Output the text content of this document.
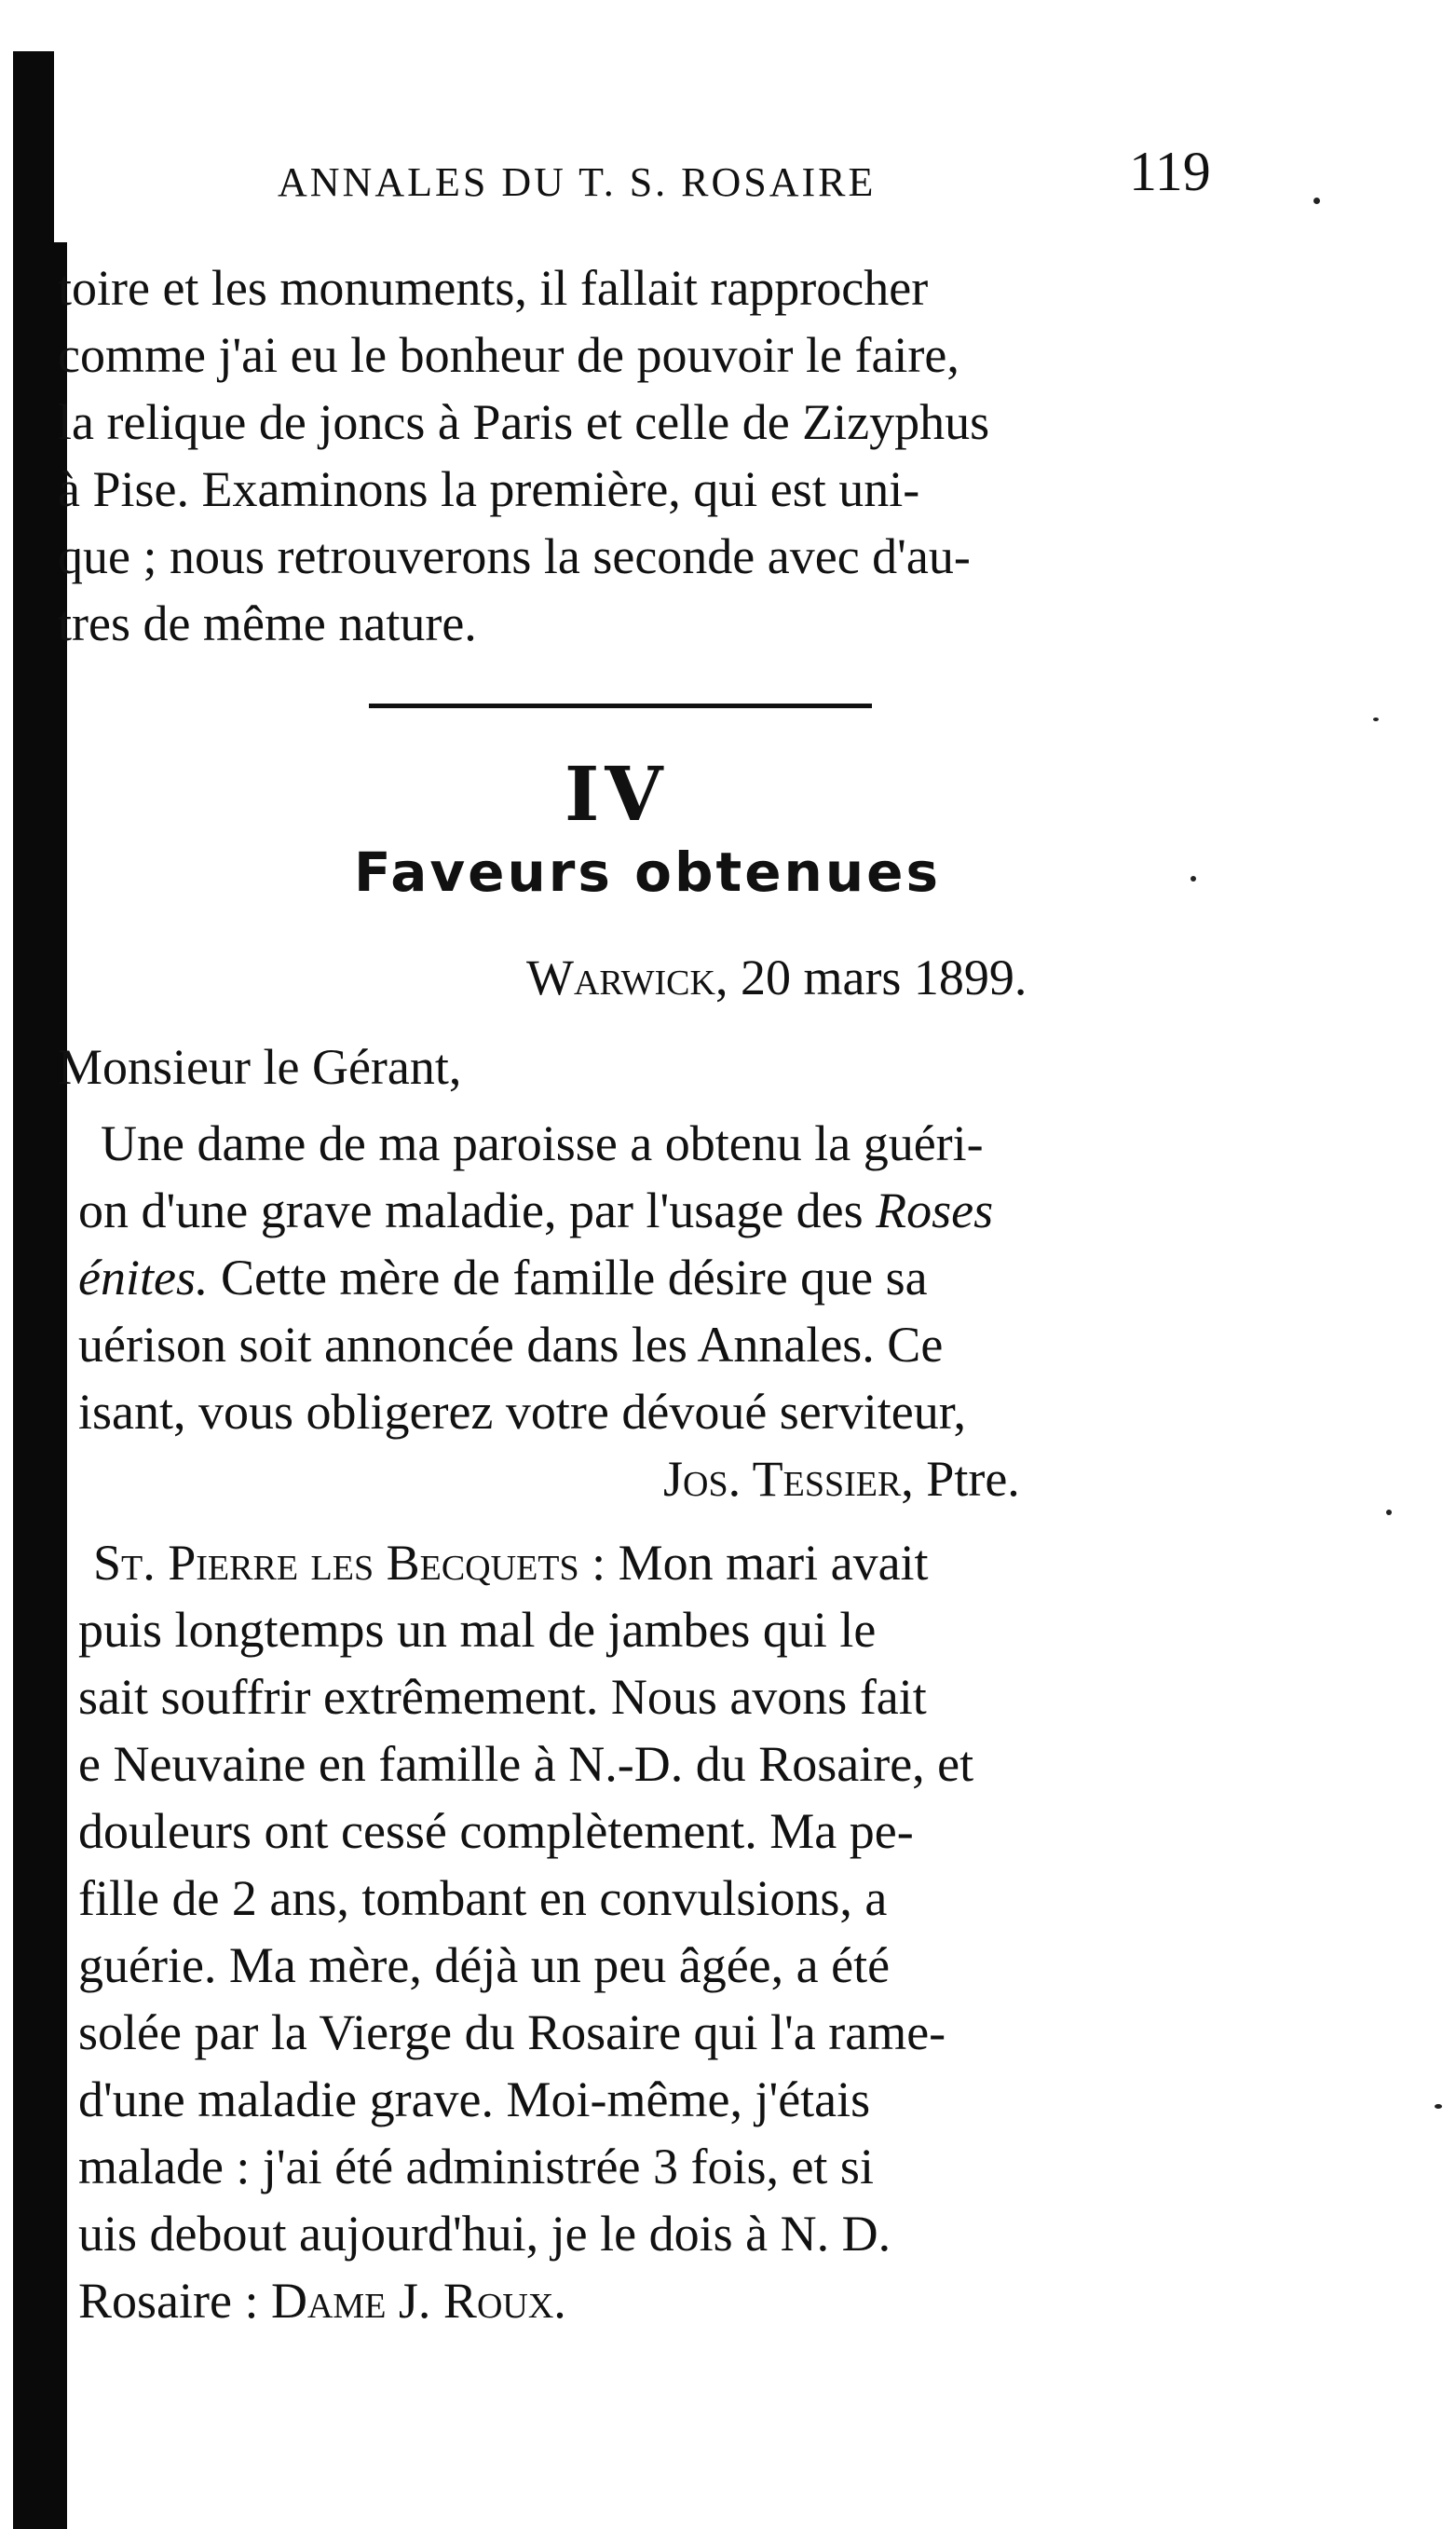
ANNALES DU T. S. ROSAIRE	119
toire et les monuments, il fallait rapprocher
comme j'ai eu le bonheur de pouvoir le faire,
la relique de joncs à Paris et celle de Zizyphus
à Pise. Examinons la première, qui est uni-
que ; nous retrouverons la seconde avec d'au-
tres de même nature.
IV
Faveurs obtenues
Warwick, 20 mars 1899.
Monsieur le Gérant,
Une dame de ma paroisse a obtenu la guéri-
on d'une grave maladie, par l'usage des Roses
énites. Cette mère de famille désire que sa
uérison soit annoncée dans les Annales. Ce
isant, vous obligerez votre dévoué serviteur,
Jos. Tessier, Ptre.
St. Pierre les Becquets : Mon mari avait
puis longtemps un mal de jambes qui le
sait souffrir extrêmement. Nous avons fait
e Neuvaine en famille à N.-D. du Rosaire, et
douleurs ont cessé complètement. Ma pe-
fille de 2 ans, tombant en convulsions, a
guérie. Ma mère, déjà un peu âgée, a été
solée par la Vierge du Rosaire qui l'a rame-
d'une maladie grave. Moi-même, j'étais
malade : j'ai été administrée 3 fois, et si
uis debout aujourd'hui, je le dois à N. D.
Rosaire : Dame J. Roux.
